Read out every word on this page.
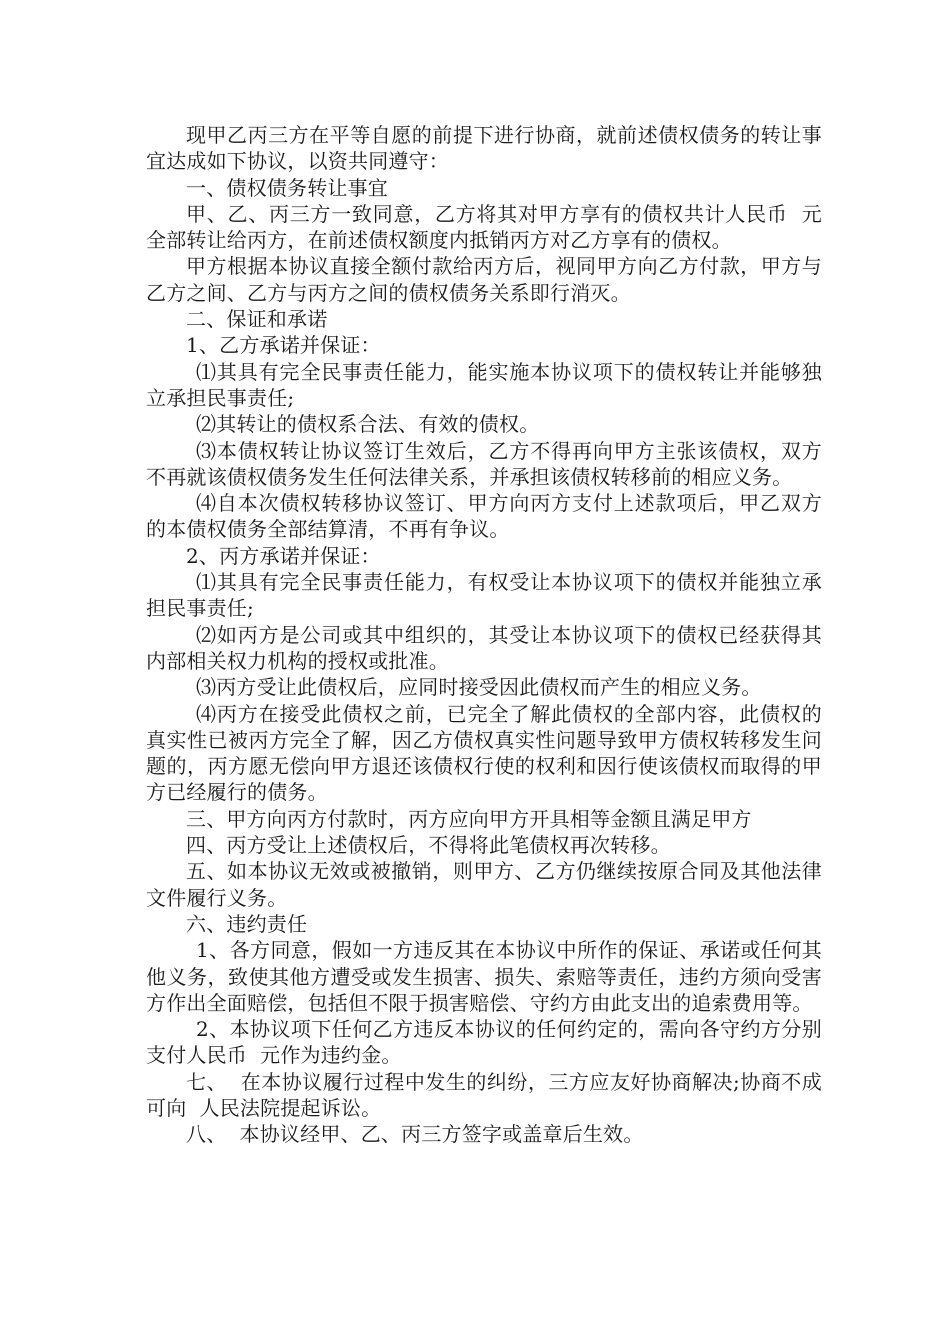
现甲乙丙三方在平等自愿的前提下进行协商，就前述债权债务的转让事宜达成如下协议，以资共同遵守：

一、债权债务转让事宜

甲、乙、丙三方一致同意，乙方将其对甲方享有的债权共计人民币  元全部转让给丙方，在前述债权额度内抵销丙方对乙方享有的债权。

甲方根据本协议直接全额付款给丙方后，视同甲方向乙方付款，甲方与乙方之间、乙方与丙方之间的债权债务关系即行消灭。

二、保证和承诺

1、乙方承诺并保证：

⑴其具有完全民事责任能力，能实施本协议项下的债权转让并能够独立承担民事责任;

⑵其转让的债权系合法、有效的债权。

⑶本债权转让协议签订生效后，乙方不得再向甲方主张该债权，双方不再就该债权债务发生任何法律关系，并承担该债权转移前的相应义务。

⑷自本次债权转移协议签订、甲方向丙方支付上述款项后，甲乙双方的本债权债务全部结算清，不再有争议。

2、丙方承诺并保证：

⑴其具有完全民事责任能力，有权受让本协议项下的债权并能独立承担民事责任;

⑵如丙方是公司或其中组织的，其受让本协议项下的债权已经获得其内部相关权力机构的授权或批准。

⑶丙方受让此债权后，应同时接受因此债权而产生的相应义务。

⑷丙方在接受此债权之前，已完全了解此债权的全部内容，此债权的真实性已被丙方完全了解，因乙方债权真实性问题导致甲方债权转移发生问题的，丙方愿无偿向甲方退还该债权行使的权利和因行使该债权而取得的甲方已经履行的债务。

三、甲方向丙方付款时，丙方应向甲方开具相等金额且满足甲方

四、丙方受让上述债权后，不得将此笔债权再次转移。

五、如本协议无效或被撤销，则甲方、乙方仍继续按原合同及其他法律文件履行义务。

六、违约责任

1、各方同意，假如一方违反其在本协议中所作的保证、承诺或任何其他义务，致使其他方遭受或发生损害、损失、索赔等责任，违约方须向受害方作出全面赔偿，包括但不限于损害赔偿、守约方由此支出的追索费用等。

2、本协议项下任何乙方违反本协议的任何约定的，需向各守约方分别支付人民币  元作为违约金。

七、  在本协议履行过程中发生的纠纷，三方应友好协商解决;协商不成可向  人民法院提起诉讼。

八、  本协议经甲、乙、丙三方签字或盖章后生效。
